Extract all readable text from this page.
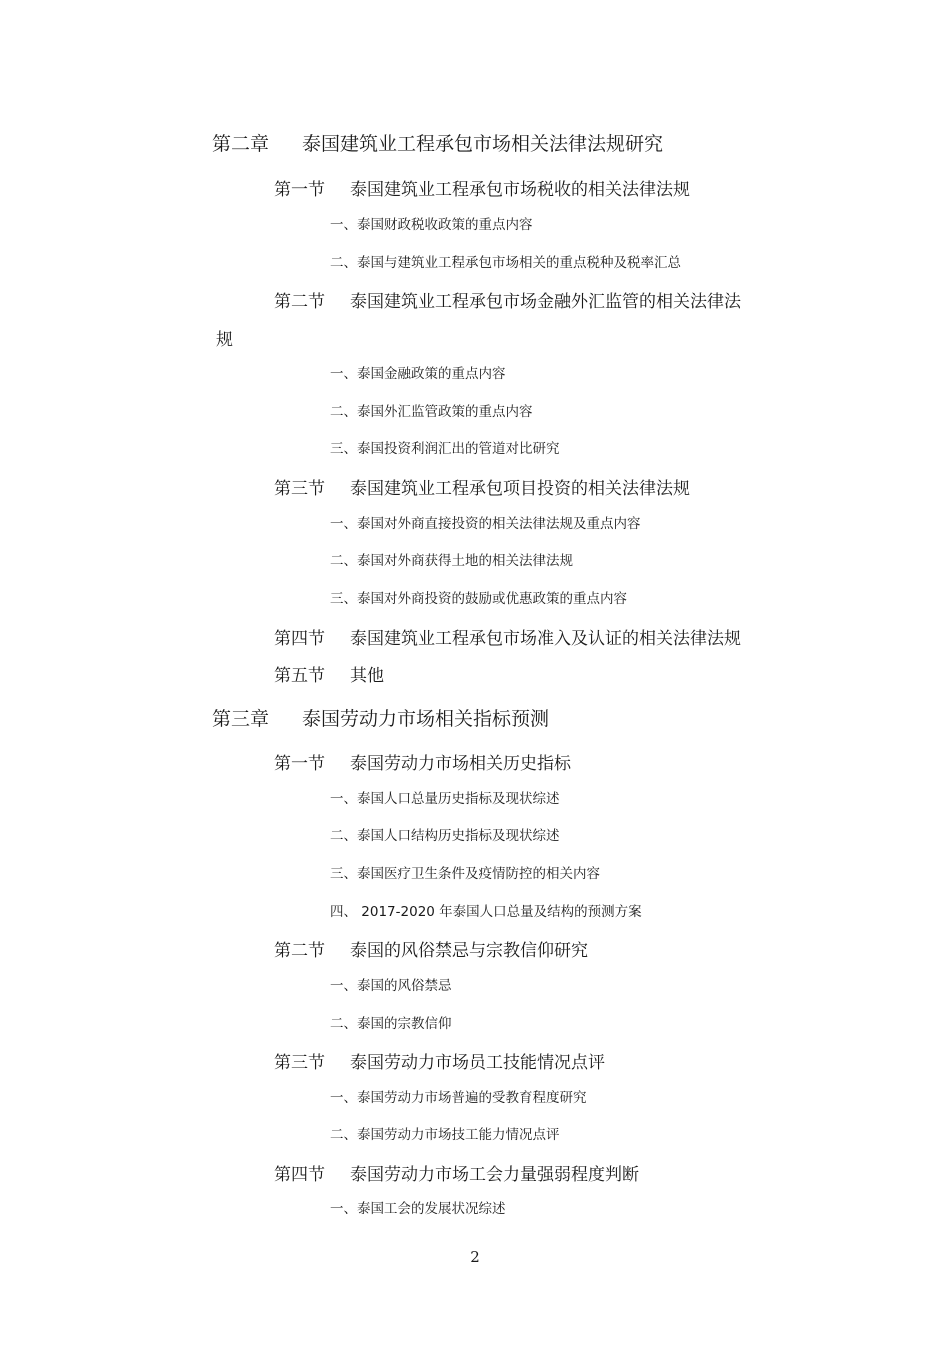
第二章 泰国建筑业工程承包市场相关法律法规研究
第一节 泰国建筑业工程承包市场税收的相关法律法规
一、泰国财政税收政策的重点内容
二、泰国与建筑业工程承包市场相关的重点税种及税率汇总
第二节 泰国建筑业工程承包市场金融外汇监管的相关法律法
规
一、泰国金融政策的重点内容
二、泰国外汇监管政策的重点内容
三、泰国投资利润汇出的管道对比研究
第三节 泰国建筑业工程承包项目投资的相关法律法规
一、泰国对外商直接投资的相关法律法规及重点内容
二、泰国对外商获得土地的相关法律法规
三、泰国对外商投资的鼓励或优惠政策的重点内容
第四节 泰国建筑业工程承包市场准入及认证的相关法律法规
第五节 其他
第三章 泰国劳动力市场相关指标预测
第一节 泰国劳动力市场相关历史指标
一、泰国人口总量历史指标及现状综述
二、泰国人口结构历史指标及现状综述
三、泰国医疗卫生条件及疫情防控的相关内容
四、 2017-2020 年泰国人口总量及结构的预测方案
第二节 泰国的风俗禁忌与宗教信仰研究
一、泰国的风俗禁忌
二、泰国的宗教信仰
第三节 泰国劳动力市场员工技能情况点评
一、泰国劳动力市场普遍的受教育程度研究
二、泰国劳动力市场技工能力情况点评
第四节 泰国劳动力市场工会力量强弱程度判断
一、泰国工会的发展状况综述
2
